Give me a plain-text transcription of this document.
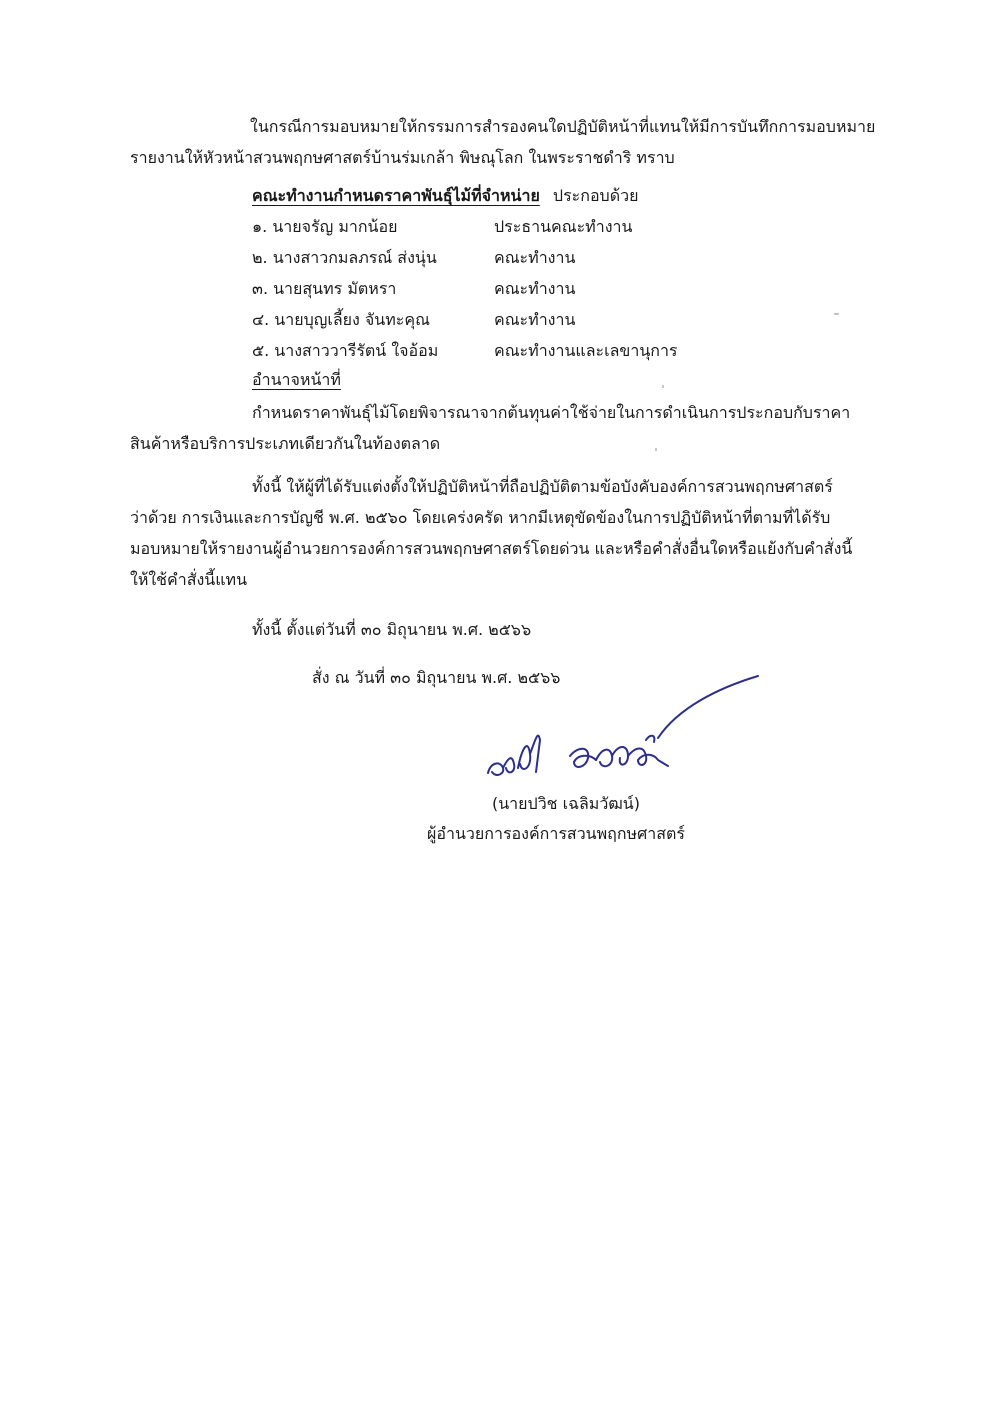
ในกรณีการมอบหมายให้กรรมการสำรองคนใดปฏิบัติหน้าที่แทนให้มีการบันทึกการมอบหมาย
รายงานให้หัวหน้าสวนพฤกษศาสตร์บ้านร่มเกล้า พิษณุโลก ในพระราชดำริ ทราบ
คณะทำงานกำหนดราคาพันธุ์ไม้ที่จำหน่าย ประกอบด้วย
๑. นายจรัญ มากน้อย	ประธานคณะทำงาน
๒. นางสาวกมลภรณ์ ส่งนุ่น	คณะทำงาน
๓. นายสุนทร มัตหรา	คณะทำงาน
๔. นายบุญเลี้ยง จันทะคุณ	คณะทำงาน
๕. นางสาววารีรัตน์ ใจอ้อม	คณะทำงานและเลขานุการ
อำนาจหน้าที่
กำหนดราคาพันธุ์ไม้โดยพิจารณาจากต้นทุนค่าใช้จ่ายในการดำเนินการประกอบกับราคา
สินค้าหรือบริการประเภทเดียวกันในท้องตลาด
ทั้งนี้ ให้ผู้ที่ได้รับแต่งตั้งให้ปฏิบัติหน้าที่ถือปฏิบัติตามข้อบังคับองค์การสวนพฤกษศาสตร์
ว่าด้วย การเงินและการบัญชี พ.ศ. ๒๕๖๐ โดยเคร่งครัด หากมีเหตุขัดข้องในการปฏิบัติหน้าที่ตามที่ได้รับ
มอบหมายให้รายงานผู้อำนวยการองค์การสวนพฤกษศาสตร์โดยด่วน และหรือคำสั่งอื่นใดหรือแย้งกับคำสั่งนี้
ให้ใช้คำสั่งนี้แทน
ทั้งนี้ ตั้งแต่วันที่ ๓๐ มิถุนายน พ.ศ. ๒๕๖๖
สั่ง ณ วันที่ ๓๐ มิถุนายน พ.ศ. ๒๕๖๖
(นายปวิช เฉลิมวัฒน์)
ผู้อำนวยการองค์การสวนพฤกษศาสตร์
